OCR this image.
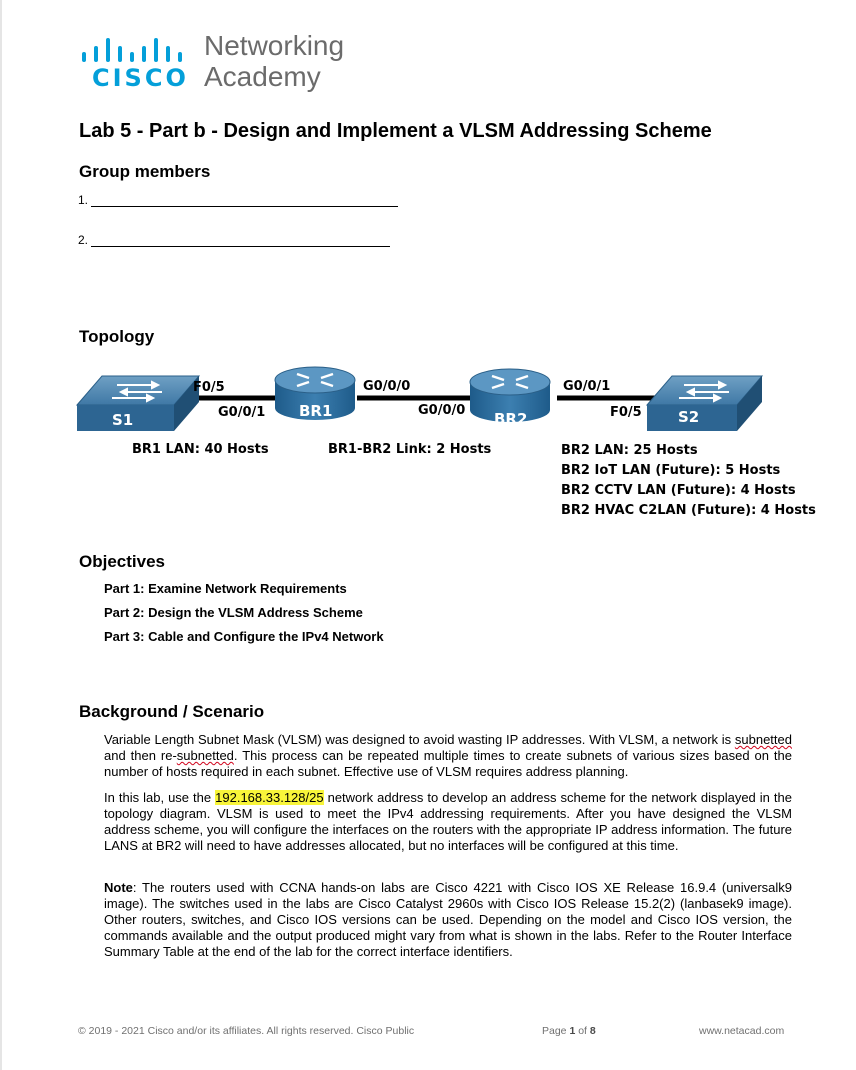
CISCO
Networking
Academy
Lab 5 - Part b - Design and Implement a VLSM Addressing Scheme
Group members
1.
2.
Topology
S1	BR1	BR2	S2
F0/5
G0/0/1
G0/0/0
G0/0/0
G0/0/1
F0/5
BR1 LAN: 40 Hosts	BR1-BR2 Link: 2 Hosts	BR2 LAN: 25 Hosts
BR2 IoT LAN (Future): 5 Hosts
BR2 CCTV LAN (Future): 4 Hosts
BR2 HVAC C2LAN (Future): 4 Hosts
Objectives
Part 1: Examine Network Requirements
Part 2: Design the VLSM Address Scheme
Part 3: Cable and Configure the IPv4 Network
Background / Scenario
Variable Length Subnet Mask (VLSM) was designed to avoid wasting IP addresses. With VLSM, a network is subnetted and then re-subnetted. This process can be repeated multiple times to create subnets of various sizes based on the number of hosts required in each subnet. Effective use of VLSM requires address planning.
In this lab, use the 192.168.33.128/25 network address to develop an address scheme for the network displayed in the topology diagram. VLSM is used to meet the IPv4 addressing requirements. After you have designed the VLSM address scheme, you will configure the interfaces on the routers with the appropriate IP address information. The future LANS at BR2 will need to have addresses allocated, but no interfaces will be configured at this time.
Note: The routers used with CCNA hands-on labs are Cisco 4221 with Cisco IOS XE Release 16.9.4 (universalk9 image). The switches used in the labs are Cisco Catalyst 2960s with Cisco IOS Release 15.2(2) (lanbasek9 image). Other routers, switches, and Cisco IOS versions can be used. Depending on the model and Cisco IOS version, the commands available and the output produced might vary from what is shown in the labs. Refer to the Router Interface Summary Table at the end of the lab for the correct interface identifiers.
© 2019 - 2021 Cisco and/or its affiliates. All rights reserved. Cisco Public	Page 1 of 8	www.netacad.com
